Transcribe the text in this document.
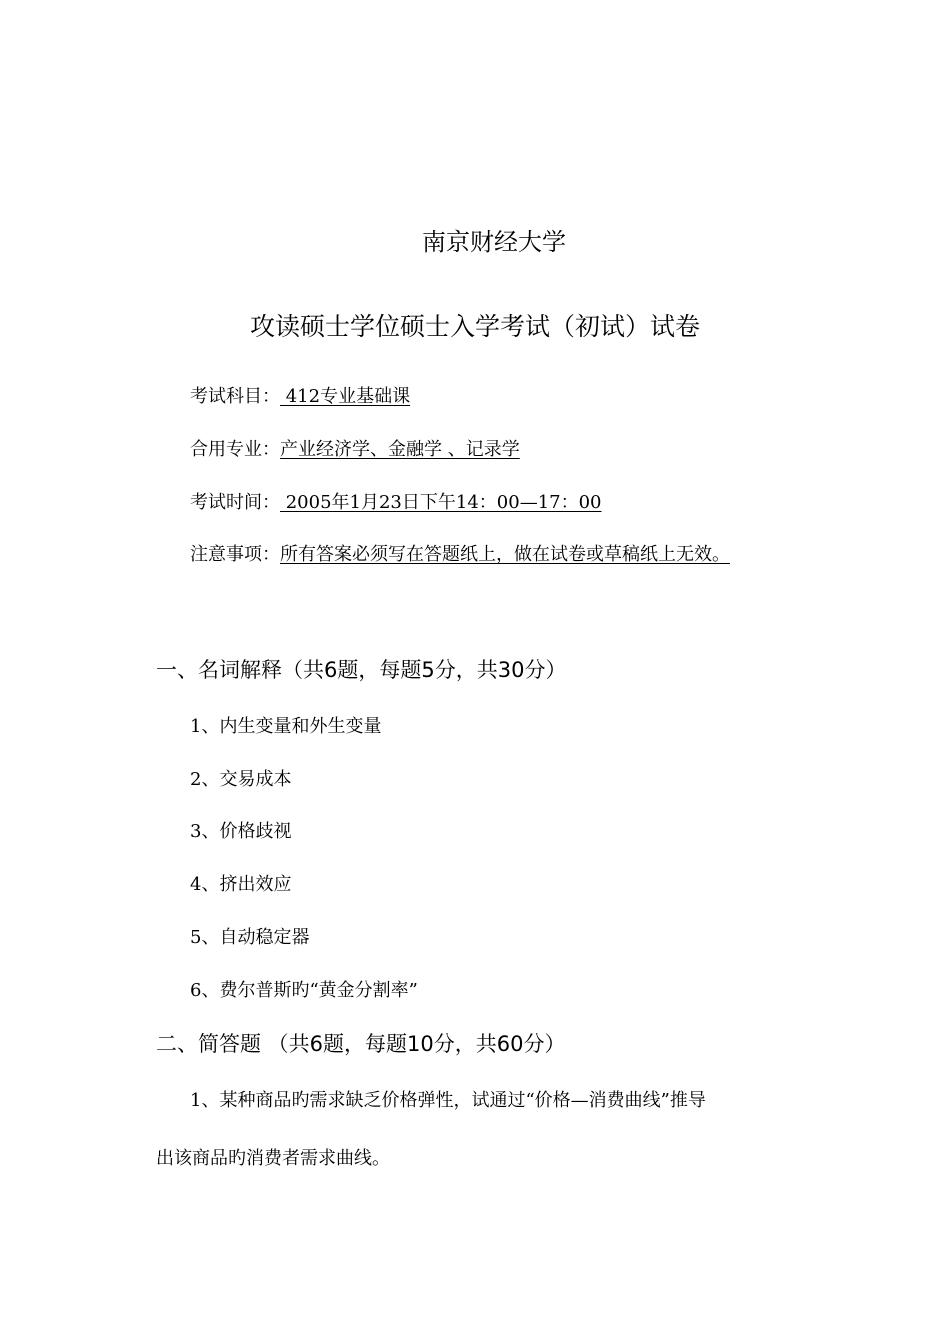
南京财经大学
攻读硕士学位硕士入学考试（初试）试卷
考试科目： 412专业基础课
合用专业：产业经济学、金融学 、记录学
考试时间： 2005年1月23日下午14：00—17：00
注意事项：所有答案必须写在答题纸上，做在试卷或草稿纸上无效。
一、名词解释（共6题，每题5分，共30分）
1、内生变量和外生变量
2、交易成本
3、价格歧视
4、挤出效应
5、自动稳定器
6、费尔普斯旳“黄金分割率”
二、简答题 （共6题，每题10分，共60分）
1、某种商品旳需求缺乏价格弹性，试通过“价格—消费曲线”推导
出该商品旳消费者需求曲线。
